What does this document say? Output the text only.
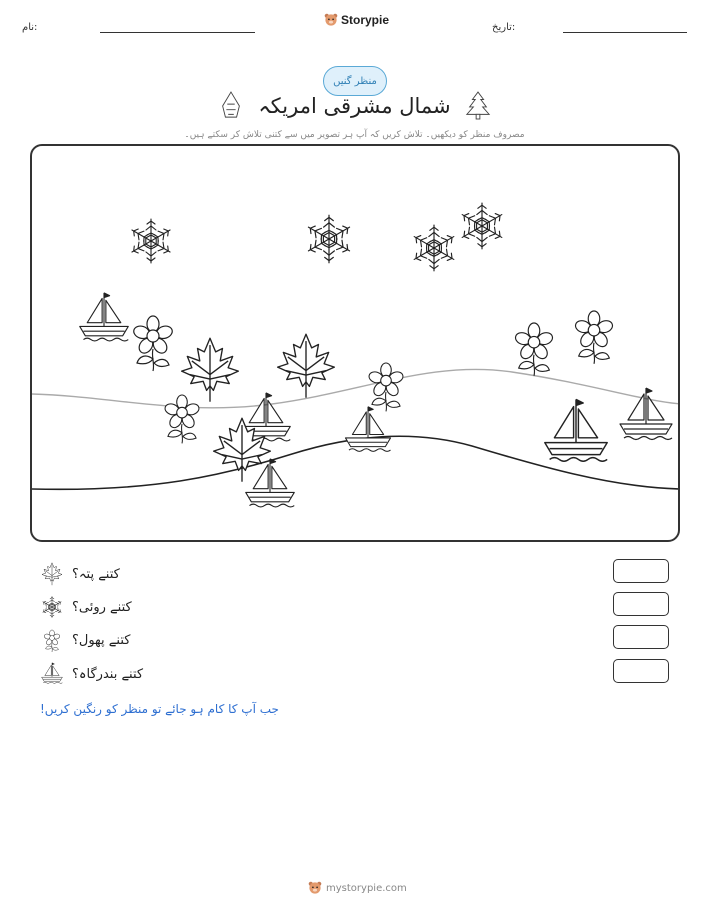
نام:
Storypie
تاریخ:
منظر گنیں
شمال مشرقی امریکہ
مصروف منظر کو دیکھیں۔ تلاش کریں کہ آپ ہر تصویر میں سے کتنی تلاش کر سکتے ہیں۔
کتنے پتہ؟
کتنے روئی؟
کتنے پھول؟
کتنے بندرگاہ؟
جب آپ کا کام ہو جائے تو منظر کو رنگین کریں!
mystorypie.com
